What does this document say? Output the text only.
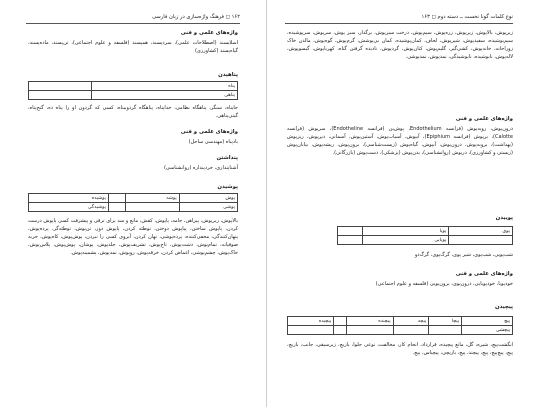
۱۶۲ ◻ فرهنگ واژه‌سازی در زبان فارسی
واژه‌های علمی و فنی
اسلایسند (اصطلاحات علمی)، سردپسند، همپسند (فلسفه و علوم اجتماعی)، تن‌پسند، ماده‌پسند، گیاه‌پسند (کشاورزی)
پناهیدن
پناه	
پناهی	
جایناه، سنگر، پناهگاه نظامی، خداپناه، پناهگاه گردوبیناه، کسی که گردون او را پناه ده، گنج‌پناه، گیتی‌پناهی.
واژه‌های علمی و فنی
بادپناه (مهندسی ساحل)
پنداشتن
آشناپنداری، خردپنداره (روانشناسی)
پوشیدن
پوش	پوشه		پوشیده
پوشی			پوشیدگی
بالاپوش، زیرپوش، پیراهن، جامه، پاپوش، کفش، مانع و سد برای ترقی و پیشرفت کسی پاپوش درست کردن، پاپوش ساختن، پیاپوش دوختن، توطئه کردن، پاپوش دوز، تن‌پوش، توطئه‌گر، پرده‌پوش، پنهان‌کنندگی، مخفی‌کننده، پرده‌پوشی، نهان کردن، آبروی کسی را نبردن، پوش‌پوش، کاه‌پوش، حربه صوفیانه، تمام‌پوش، دشت‌پوش، تاج‌پوش، تشریف‌پوش، جلد‌پوش، پوشان، پوش‌پوش، پلاس‌پوش، خاک‌پوش، چشم‌پوشی، اغماض کردن، خرقه‌پوش، رو‌پوش، نمدپوش، پشمینه‌پوش.
نوع کلمات گونا نخست ــ دسته دوم ◻ ۱۶۳
زیرپوش، بالاپوش، زیرپوش، زره‌پوش، سیم‌پوش، درخت سبزپوش، برگدار، سبز پوش، سرپوش، سرپوشیده، سیم‌پوشیده، سفیدپوش، شیرپوش، لحاف، کمان‌پوشیده، کمان بی‌پوشش، گرم‌پوش، گوه‌پوش، مالدن خاک زوراخانه، خانه‌پوش، کشی‌گیر، گلیم‌پوش، کتان‌پوش، گردپوش، نادیده گرفتن گناه، کهربا‌پوش، گیسوپوش، لاله‌پوش، نابوشیده، نابوشیدگی، نمدپوش، نمدپوشی.
واژه‌های علمی و فنی
درون‌پوش، رویه‌پوش (فرانسه Endothelium، پوش‌بن (فرانسه Endotheline)، سرپوش (فرانسه Calotte)، برپوش (فرانسه Epiphium)، آبپوش، آسیاب‌پوش، آستین‌پوش، آسمانی، دیرپوش، ریزپوش (بهداشت)، بروبه‌پوش، درون‌پوش، آبپوش، گیاه‌پوش (زیست‌شناسی)، برون‌پوش، ریشه‌پوش، بیابان‌پوش (زیستی و کشاورزی)، درپوش (روانشناسی)، بدن‌پوش (پزشکی)، دست‌پوش (بازرگانی).
پوییدن
پوی	پویا	
	پویایی	
شب‌پویی، شب‌پوی، شیر پوی، گرگ‌پوی، گرگ‌دو
واژه‌های علمی و فنی
خودپویا، خودپویایی، درون‌پوی، برون‌پویی (فلسفه و علوم اجتماعی)
پیچیدن
پیچ	پیچا	پیچه	پیچنده		پیچیده
پیچشی					
انگشت‌پیچ، شیره، گل، مانع پیچیده، قرارداد، انجام کار، مخالفت، نوعی حلوا، بازیچ، زیرسیقی، جانب، بازیچ، پیچ، پیچ‌پیچ، پیچ، پیچند، پیچ، بازیچی، پیچیاس، پیچ.
